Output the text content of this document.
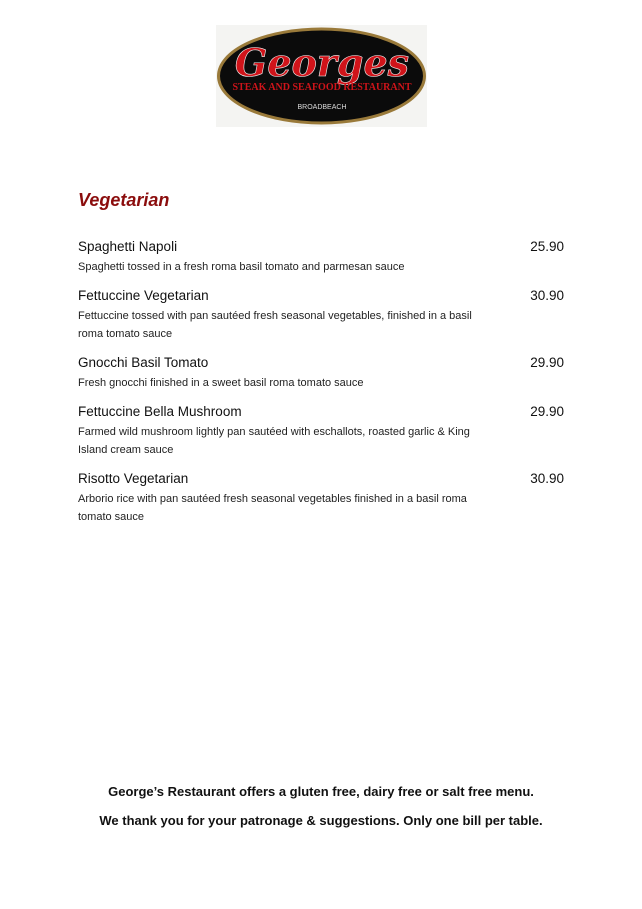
Georges
STEAK AND SEAFOOD RESTAURANT
BROADBEACH
Vegetarian
Spaghetti Napoli	25.90
Spaghetti tossed in a fresh roma basil tomato and parmesan sauce
Fettuccine Vegetarian	30.90
Fettuccine tossed with pan sautéed fresh seasonal vegetables, finished in a basil roma tomato sauce
Gnocchi Basil Tomato	29.90
Fresh gnocchi finished in a sweet basil roma tomato sauce
Fettuccine Bella Mushroom	29.90
Farmed wild mushroom lightly pan sautéed with eschallots, roasted garlic & King Island cream sauce
Risotto Vegetarian	30.90
Arborio rice with pan sautéed fresh seasonal vegetables finished in a basil roma tomato sauce
George’s Restaurant offers a gluten free, dairy free or salt free menu.
We thank you for your patronage & suggestions. Only one bill per table.
